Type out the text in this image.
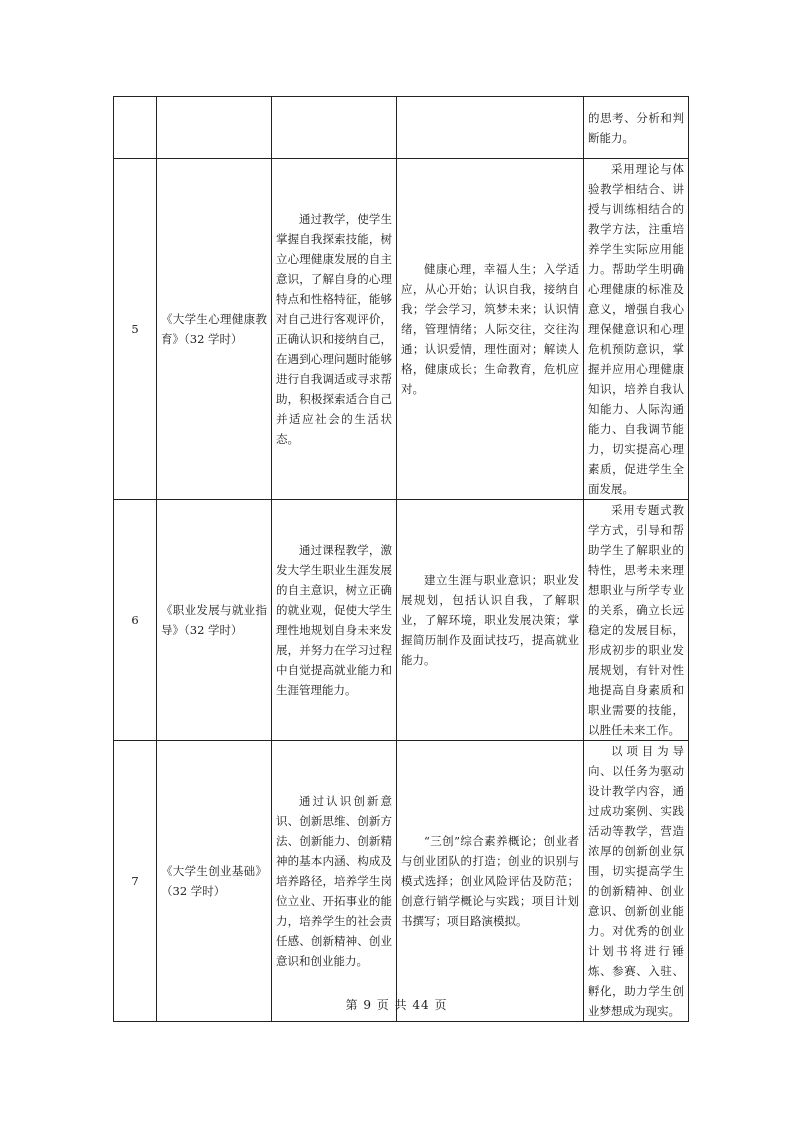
				的思考、分析和判断能力。
5	《大学生心理健康教育》（32 学时）	通过教学，使学生掌握自我探索技能，树立心理健康发展的自主意识，了解自身的心理特点和性格特征，能够对自己进行客观评价，正确认识和接纳自己，在遇到心理问题时能够进行自我调适或寻求帮助，积极探索适合自己并适应社会的生活状态。	健康心理，幸福人生；入学适应，从心开始；认识自我，接纳自我；学会学习，筑梦未来；认识情绪，管理情绪；人际交往，交往沟通；认识爱情，理性面对；解读人格，健康成长；生命教育，危机应对。	采用理论与体验教学相结合、讲授与训练相结合的教学方法，注重培养学生实际应用能力。帮助学生明确心理健康的标准及意义，增强自我心理保健意识和心理危机预防意识，掌握并应用心理健康知识，培养自我认知能力、人际沟通能力、自我调节能力，切实提高心理素质，促进学生全面发展。

6	《职业发展与就业指导》（32 学时）	通过课程教学，激发大学生职业生涯发展的自主意识，树立正确的就业观，促使大学生理性地规划自身未来发展，并努力在学习过程中自觉提高就业能力和生涯管理能力。	建立生涯与职业意识；职业发展规划，包括认识自我，了解职业，了解环境，职业发展决策；掌握简历制作及面试技巧，提高就业能力。	采用专题式教学方式，引导和帮助学生了解职业的特性，思考未来理想职业与所学专业的关系，确立长远稳定的发展目标，形成初步的职业发展规划，有针对性地提高自身素质和职业需要的技能，以胜任未来工作。

7	《大学生创业基础》（32 学时）	通过认识创新意识、创新思维、创新方法、创新能力、创新精神的基本内涵、构成及培养路径，培养学生岗位立业、开拓事业的能力，培养学生的社会责任感、创新精神、创业意识和创业能力。	“三创”综合素养概论；创业者与创业团队的打造；创业的识别与模式选择；创业风险评估及防范；创意行销学概论与实践；项目计划书撰写；项目路演模拟。	以项目为导向、以任务为驱动设计教学内容，通过成功案例、实践活动等教学，营造浓厚的创新创业氛围，切实提高学生的创新精神、创业意识、创新创业能力。对优秀的创业计划书将进行锤炼、参赛、入驻、孵化，助力学生创业梦想成为现实。
第 9 页 共 44 页
